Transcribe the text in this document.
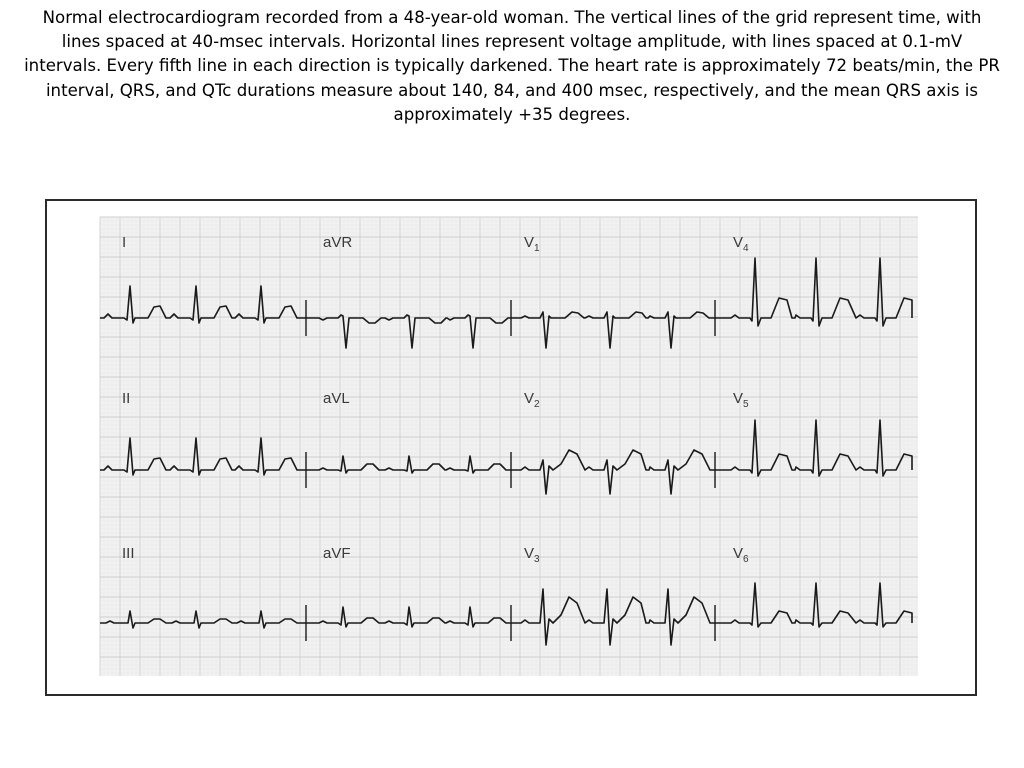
Normal electrocardiogram recorded from a 48-year-old woman. The vertical lines of the grid represent time, with lines spaced at 40-msec intervals. Horizontal lines represent voltage amplitude, with lines spaced at 0.1-mV intervals. Every fifth line in each direction is typically darkened. The heart rate is approximately 72 beats/min, the PR interval, QRS, and QTc durations measure about 140, 84, and 400 msec, respectively, and the mean QRS axis is approximately +35 degrees.

I	aVR	$V_1$	$V_4$
II	aVL	$V_2$	$V_5$
III	aVF	$V_3$	$V_6$
